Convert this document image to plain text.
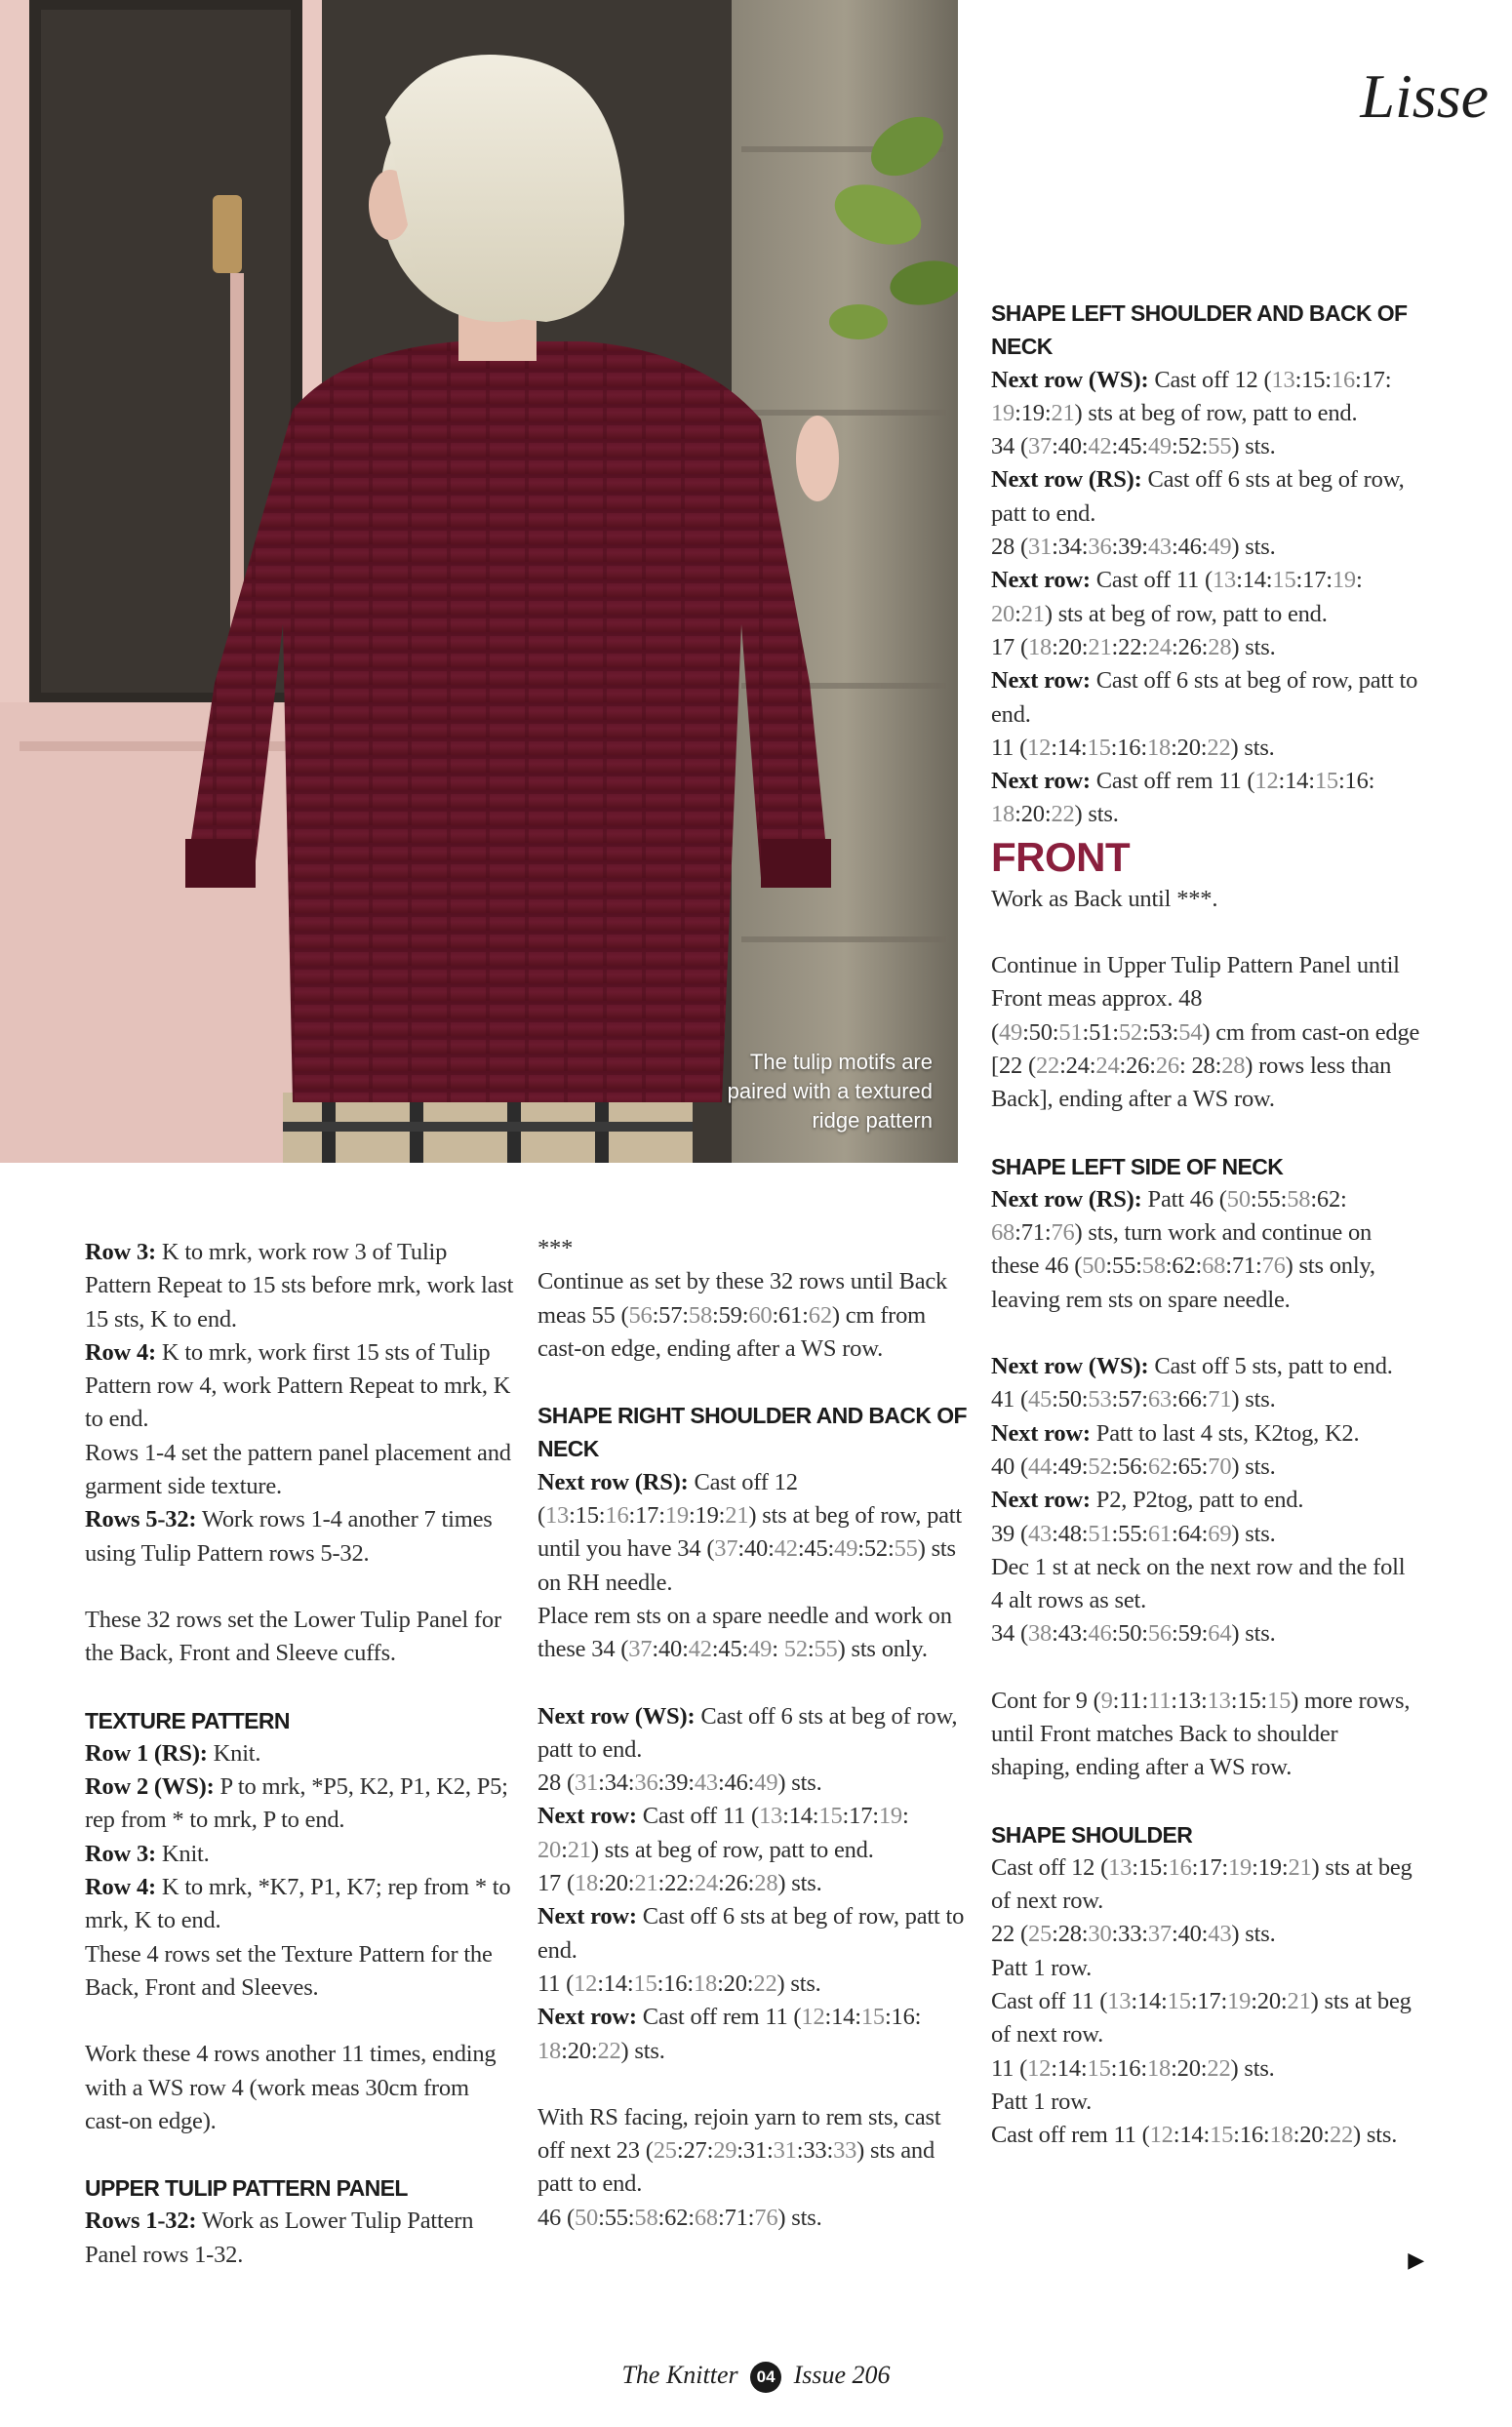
The tulip motifs are
paired with a textured
ridge pattern
Lisse

Row 3: K to mrk, work row 3 of Tulip Pattern Repeat to 15 sts before mrk, work last 15 sts, K to end.

Row 4: K to mrk, work first 15 sts of Tulip Pattern row 4, work Pattern Repeat to mrk, K to end.

Rows 1-4 set the pattern panel placement and garment side texture.

Rows 5-32: Work rows 1-4 another 7 times using Tulip Pattern rows 5-32.

These 32 rows set the Lower Tulip Panel for the Back, Front and Sleeve cuffs.

TEXTURE PATTERN

Row 1 (RS): Knit.

Row 2 (WS): P to mrk, *P5, K2, P1, K2, P5; rep from * to mrk, P to end.

Row 3: Knit.

Row 4: K to mrk, *K7, P1, K7; rep from * to mrk, K to end.

These 4 rows set the Texture Pattern for the Back, Front and Sleeves.

Work these 4 rows another 11 times, ending with a WS row 4 (work meas 30cm from cast-on edge).

UPPER TULIP PATTERN PANEL

Rows 1-32: Work as Lower Tulip Pattern Panel rows 1-32.

***

Continue as set by these 32 rows until Back meas 55 (56:57:58:59:60:61:62) cm from cast-on edge, ending after a WS row.

SHAPE RIGHT SHOULDER AND BACK OF NECK

Next row (RS): Cast off 12 (13:15:16:17:19:19:21) sts at beg of row, patt until you have 34 (37:40:42:45:49:52:55) sts on RH needle.

Place rem sts on a spare needle and work on these 34 (37:40:42:45:49: 52:55) sts only.

Next row (WS): Cast off 6 sts at beg of row, patt to end.

28 (31:34:36:39:43:46:49) sts.

Next row: Cast off 11 (13:14:15:17:19: 20:21) sts at beg of row, patt to end.

17 (18:20:21:22:24:26:28) sts.

Next row: Cast off 6 sts at beg of row, patt to end.

11 (12:14:15:16:18:20:22) sts.

Next row: Cast off rem 11 (12:14:15:16: 18:20:22) sts.

With RS facing, rejoin yarn to rem sts, cast off next 23 (25:27:29:31:31:33:33) sts and patt to end.

46 (50:55:58:62:68:71:76) sts.

SHAPE LEFT SHOULDER AND BACK OF NECK

Next row (WS): Cast off 12 (13:15:16:17: 19:19:21) sts at beg of row, patt to end.

34 (37:40:42:45:49:52:55) sts.

Next row (RS): Cast off 6 sts at beg of row, patt to end.

28 (31:34:36:39:43:46:49) sts.

Next row: Cast off 11 (13:14:15:17:19: 20:21) sts at beg of row, patt to end.

17 (18:20:21:22:24:26:28) sts.

Next row: Cast off 6 sts at beg of row, patt to end.

11 (12:14:15:16:18:20:22) sts.

Next row: Cast off rem 11 (12:14:15:16: 18:20:22) sts.

FRONT

Work as Back until ***.

Continue in Upper Tulip Pattern Panel until Front meas approx. 48 (49:50:51:51:52:53:54) cm from cast-on edge [22 (22:24:24:26:26: 28:28) rows less than Back], ending after a WS row.

SHAPE LEFT SIDE OF NECK

Next row (RS): Patt 46 (50:55:58:62: 68:71:76) sts, turn work and continue on these 46 (50:55:58:62:68:71:76) sts only, leaving rem sts on spare needle.

Next row (WS): Cast off 5 sts, patt to end.

41 (45:50:53:57:63:66:71) sts.

Next row: Patt to last 4 sts, K2tog, K2.

40 (44:49:52:56:62:65:70) sts.

Next row: P2, P2tog, patt to end.

39 (43:48:51:55:61:64:69) sts.

Dec 1 st at neck on the next row and the foll 4 alt rows as set.

34 (38:43:46:50:56:59:64) sts.

Cont for 9 (9:11:11:13:13:15:15) more rows, until Front matches Back to shoulder shaping, ending after a WS row.

SHAPE SHOULDER

Cast off 12 (13:15:16:17:19:19:21) sts at beg of next row.

22 (25:28:30:33:37:40:43) sts.

Patt 1 row.

Cast off 11 (13:14:15:17:19:20:21) sts at beg of next row.

11 (12:14:15:16:18:20:22) sts.

Patt 1 row.

Cast off rem 11 (12:14:15:16:18:20:22) sts.

▶
The Knitter 04 Issue 206
